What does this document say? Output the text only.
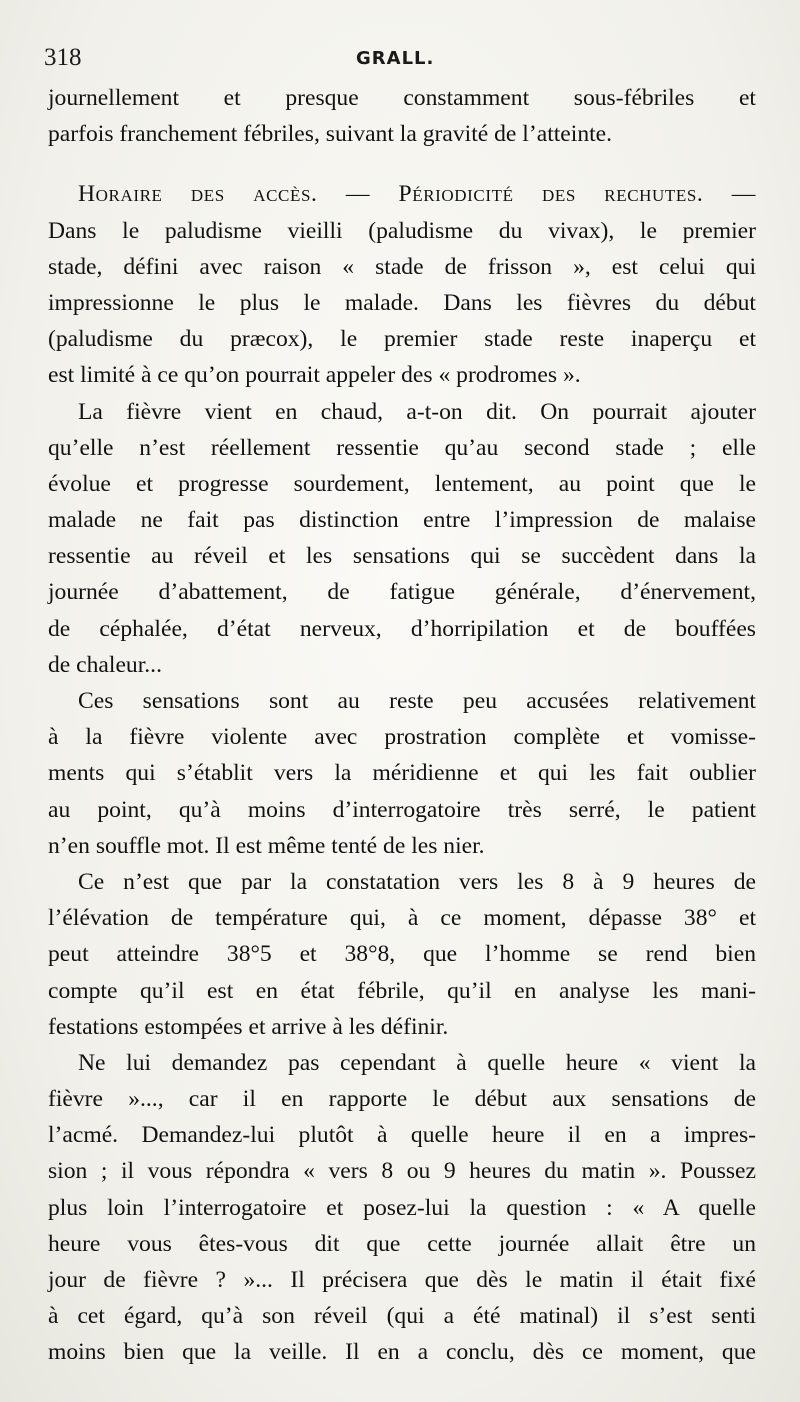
318	GRALL.
journellement et presque constamment sous-fébriles et
parfois franchement fébriles, suivant la gravité de l’atteinte.
Horaire des accès. — Périodicité des rechutes. —
Dans le paludisme vieilli (paludisme du vivax), le premier
stade, défini avec raison « stade de frisson », est celui qui
impressionne le plus le malade. Dans les fièvres du début
(paludisme du præcox), le premier stade reste inaperçu et
est limité à ce qu’on pourrait appeler des « prodromes ».
La fièvre vient en chaud, a-t-on dit. On pourrait ajouter
qu’elle n’est réellement ressentie qu’au second stade ; elle
évolue et progresse sourdement, lentement, au point que le
malade ne fait pas distinction entre l’impression de malaise
ressentie au réveil et les sensations qui se succèdent dans la
journée d’abattement, de fatigue générale, d’énervement,
de céphalée, d’état nerveux, d’horripilation et de bouffées
de chaleur...
Ces sensations sont au reste peu accusées relativement
à la fièvre violente avec prostration complète et vomisse-
ments qui s’établit vers la méridienne et qui les fait oublier
au point, qu’à moins d’interrogatoire très serré, le patient
n’en souffle mot. Il est même tenté de les nier.
Ce n’est que par la constatation vers les 8 à 9 heures de
l’élévation de température qui, à ce moment, dépasse 38° et
peut atteindre 38°5 et 38°8, que l’homme se rend bien
compte qu’il est en état fébrile, qu’il en analyse les mani-
festations estompées et arrive à les définir.
Ne lui demandez pas cependant à quelle heure « vient la
fièvre »..., car il en rapporte le début aux sensations de
l’acmé. Demandez-lui plutôt à quelle heure il en a impres-
sion ; il vous répondra « vers 8 ou 9 heures du matin ». Poussez
plus loin l’interrogatoire et posez-lui la question : « A quelle
heure vous êtes-vous dit que cette journée allait être un
jour de fièvre ? »... Il précisera que dès le matin il était fixé
à cet égard, qu’à son réveil (qui a été matinal) il s’est senti
moins bien que la veille. Il en a conclu, dès ce moment, que
